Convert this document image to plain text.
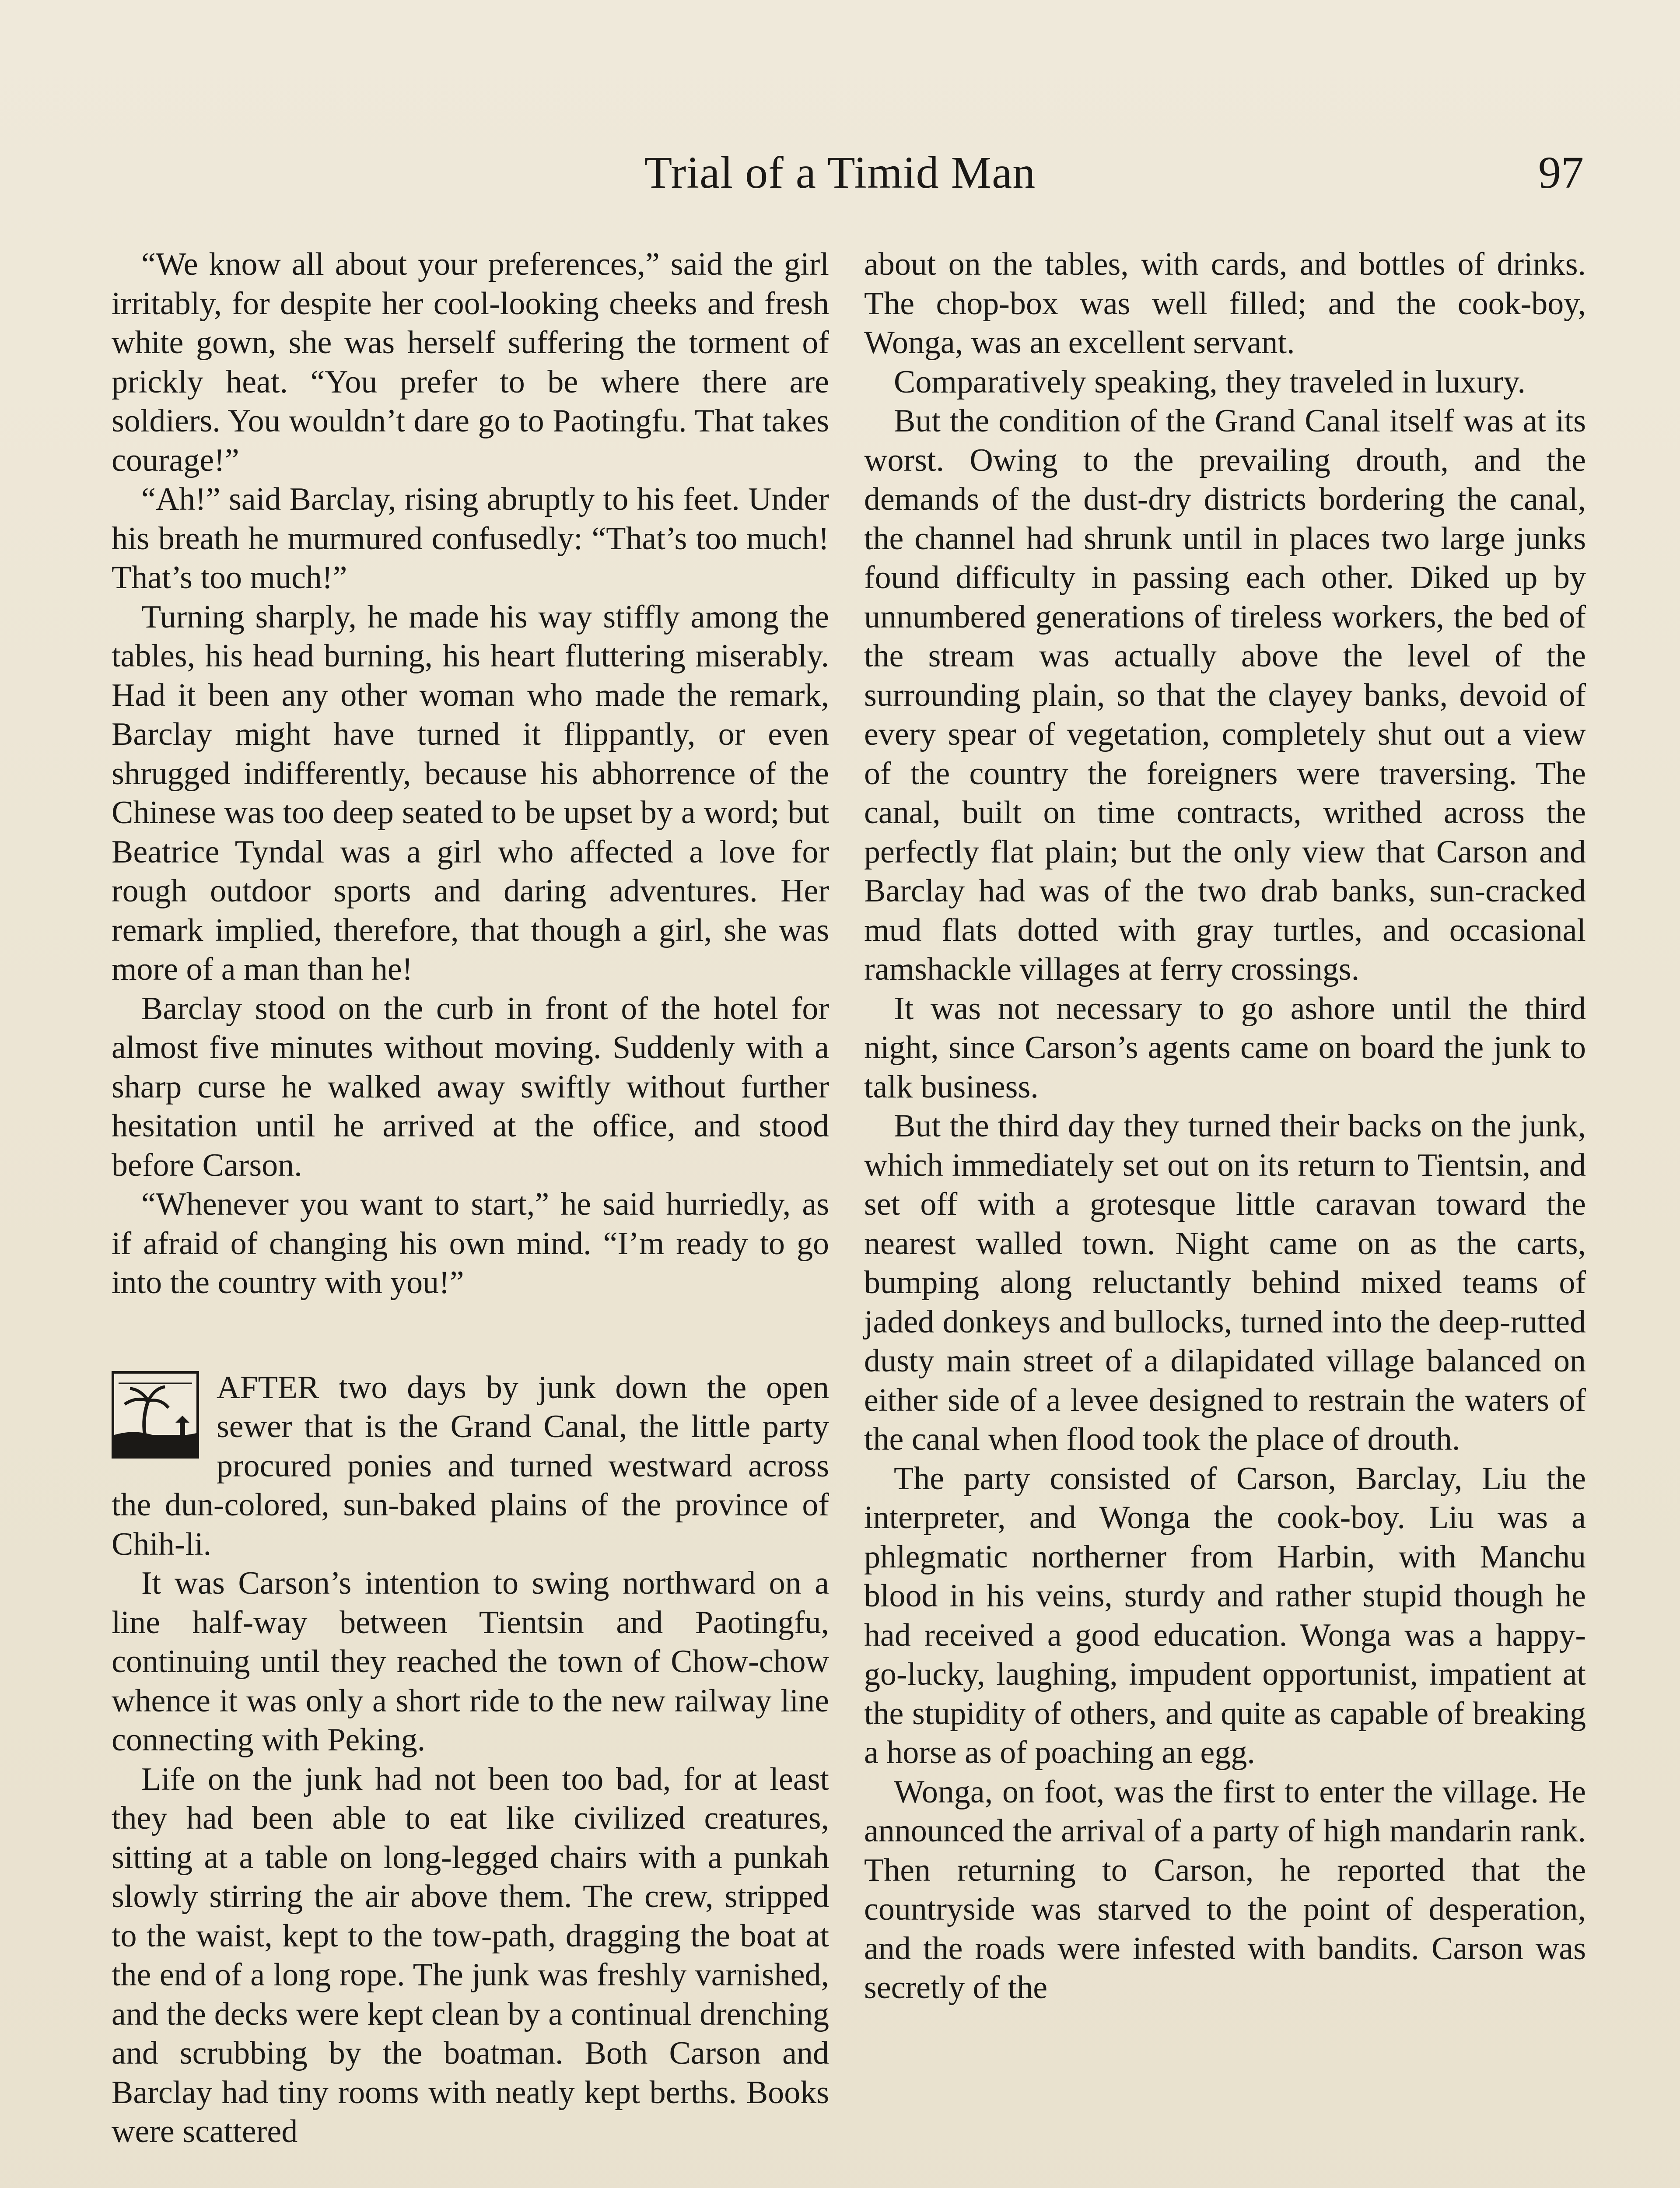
Trial of a Timid Man	97

“We know all about your preferences,” said the girl irritably, for despite her cool-looking cheeks and fresh white gown, she was herself suffering the torment of prickly heat. “You prefer to be where there are soldiers. You wouldn’t dare go to Paotingfu. That takes courage!”

“Ah!” said Barclay, rising abruptly to his feet. Under his breath he murmured confusedly: “That’s too much! That’s too much!”

Turning sharply, he made his way stiffly among the tables, his head burning, his heart fluttering miserably. Had it been any other woman who made the remark, Barclay might have turned it flippantly, or even shrugged indifferently, because his abhorrence of the Chinese was too deep seated to be upset by a word; but Beatrice Tyndal was a girl who affected a love for rough outdoor sports and daring adventures. Her remark implied, therefore, that though a girl, she was more of a man than he!

Barclay stood on the curb in front of the hotel for almost five minutes without moving. Suddenly with a sharp curse he walked away swiftly without further hesitation until he arrived at the office, and stood before Carson.

“Whenever you want to start,” he said hurriedly, as if afraid of changing his own mind. “I’m ready to go into the country with you!”

AFTER two days by junk down the open sewer that is the Grand Canal, the little party procured ponies and turned westward across the dun-colored, sun-baked plains of the province of Chih-li.

It was Carson’s intention to swing northward on a line half-way between Tientsin and Paotingfu, continuing until they reached the town of Chow-chow whence it was only a short ride to the new railway line connecting with Peking.

Life on the junk had not been too bad, for at least they had been able to eat like civilized creatures, sitting at a table on long-legged chairs with a punkah slowly stirring the air above them. The crew, stripped to the waist, kept to the tow-path, dragging the boat at the end of a long rope. The junk was freshly varnished, and the decks were kept clean by a continual drenching and scrubbing by the boatman. Both Carson and Barclay had tiny rooms with neatly kept berths. Books were scattered

about on the tables, with cards, and bottles of drinks. The chop-box was well filled; and the cook-boy, Wonga, was an excellent servant.

Comparatively speaking, they traveled in luxury.

But the condition of the Grand Canal itself was at its worst. Owing to the prevailing drouth, and the demands of the dust-dry districts bordering the canal, the channel had shrunk until in places two large junks found difficulty in passing each other. Diked up by unnumbered generations of tireless workers, the bed of the stream was actually above the level of the surrounding plain, so that the clayey banks, devoid of every spear of vegetation, completely shut out a view of the country the foreigners were traversing. The canal, built on time contracts, writhed across the perfectly flat plain; but the only view that Carson and Barclay had was of the two drab banks, sun-cracked mud flats dotted with gray turtles, and occasional ramshackle villages at ferry crossings.

It was not necessary to go ashore until the third night, since Carson’s agents came on board the junk to talk business.

But the third day they turned their backs on the junk, which immediately set out on its return to Tientsin, and set off with a grotesque little caravan toward the nearest walled town. Night came on as the carts, bumping along reluctantly behind mixed teams of jaded donkeys and bullocks, turned into the deep-rutted dusty main street of a dilapidated village balanced on either side of a levee designed to restrain the waters of the canal when flood took the place of drouth.

The party consisted of Carson, Barclay, Liu the interpreter, and Wonga the cook-boy. Liu was a phlegmatic northerner from Harbin, with Manchu blood in his veins, sturdy and rather stupid though he had received a good education. Wonga was a happy-go-lucky, laughing, impudent opportunist, impatient at the stupidity of others, and quite as capable of breaking a horse as of poaching an egg.

Wonga, on foot, was the first to enter the village. He announced the arrival of a party of high mandarin rank. Then returning to Carson, he reported that the countryside was starved to the point of desperation, and the roads were infested with bandits. Carson was secretly of the
